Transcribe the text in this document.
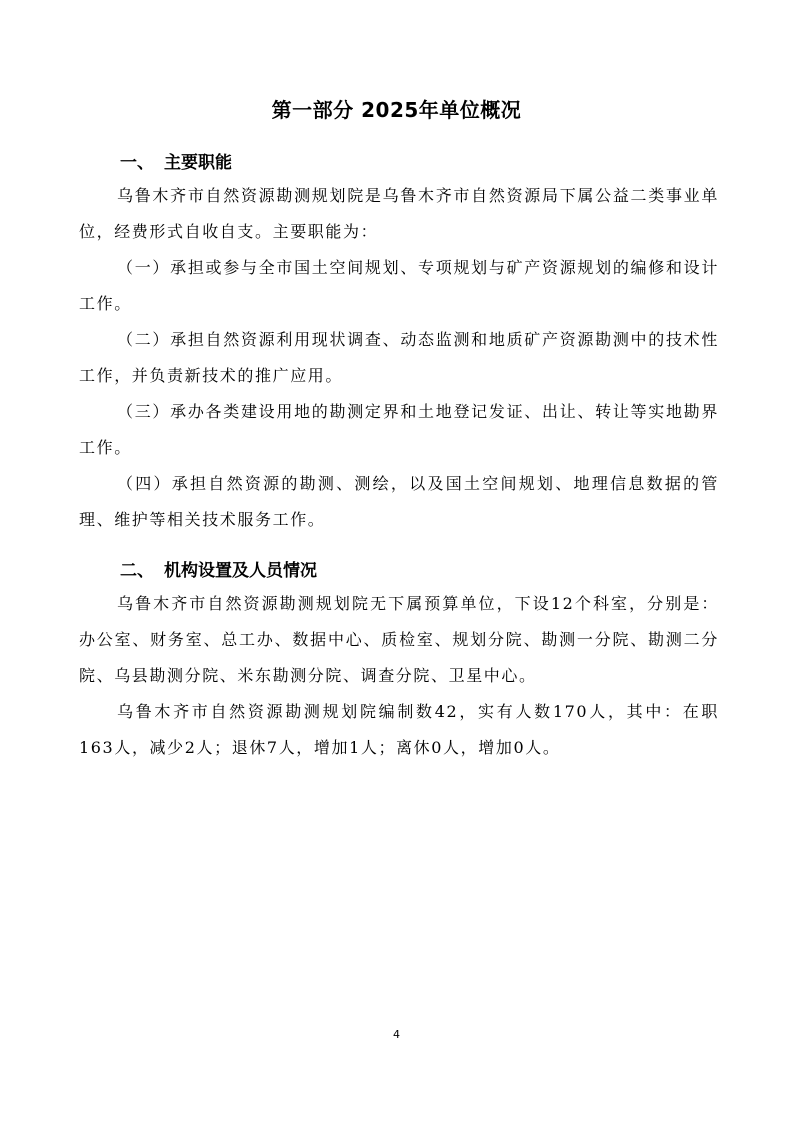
第一部分 2025年单位概况
一、 主要职能
乌鲁木齐市自然资源勘测规划院是乌鲁木齐市自然资源局下属公益二类事业单位，经费形式自收自支。主要职能为：
（一）承担或参与全市国土空间规划、专项规划与矿产资源规划的编修和设计工作。
（二）承担自然资源利用现状调查、动态监测和地质矿产资源勘测中的技术性工作，并负责新技术的推广应用。
（三）承办各类建设用地的勘测定界和土地登记发证、出让、转让等实地勘界工作。
（四）承担自然资源的勘测、测绘，以及国土空间规划、地理信息数据的管理、维护等相关技术服务工作。
二、 机构设置及人员情况
乌鲁木齐市自然资源勘测规划院无下属预算单位，下设12个科室，分别是：办公室、财务室、总工办、数据中心、质检室、规划分院、勘测一分院、勘测二分院、乌县勘测分院、米东勘测分院、调查分院、卫星中心。
乌鲁木齐市自然资源勘测规划院编制数42，实有人数170人，其中：在职163人，减少2人；退休7人，增加1人；离休0人，增加0人。
4
